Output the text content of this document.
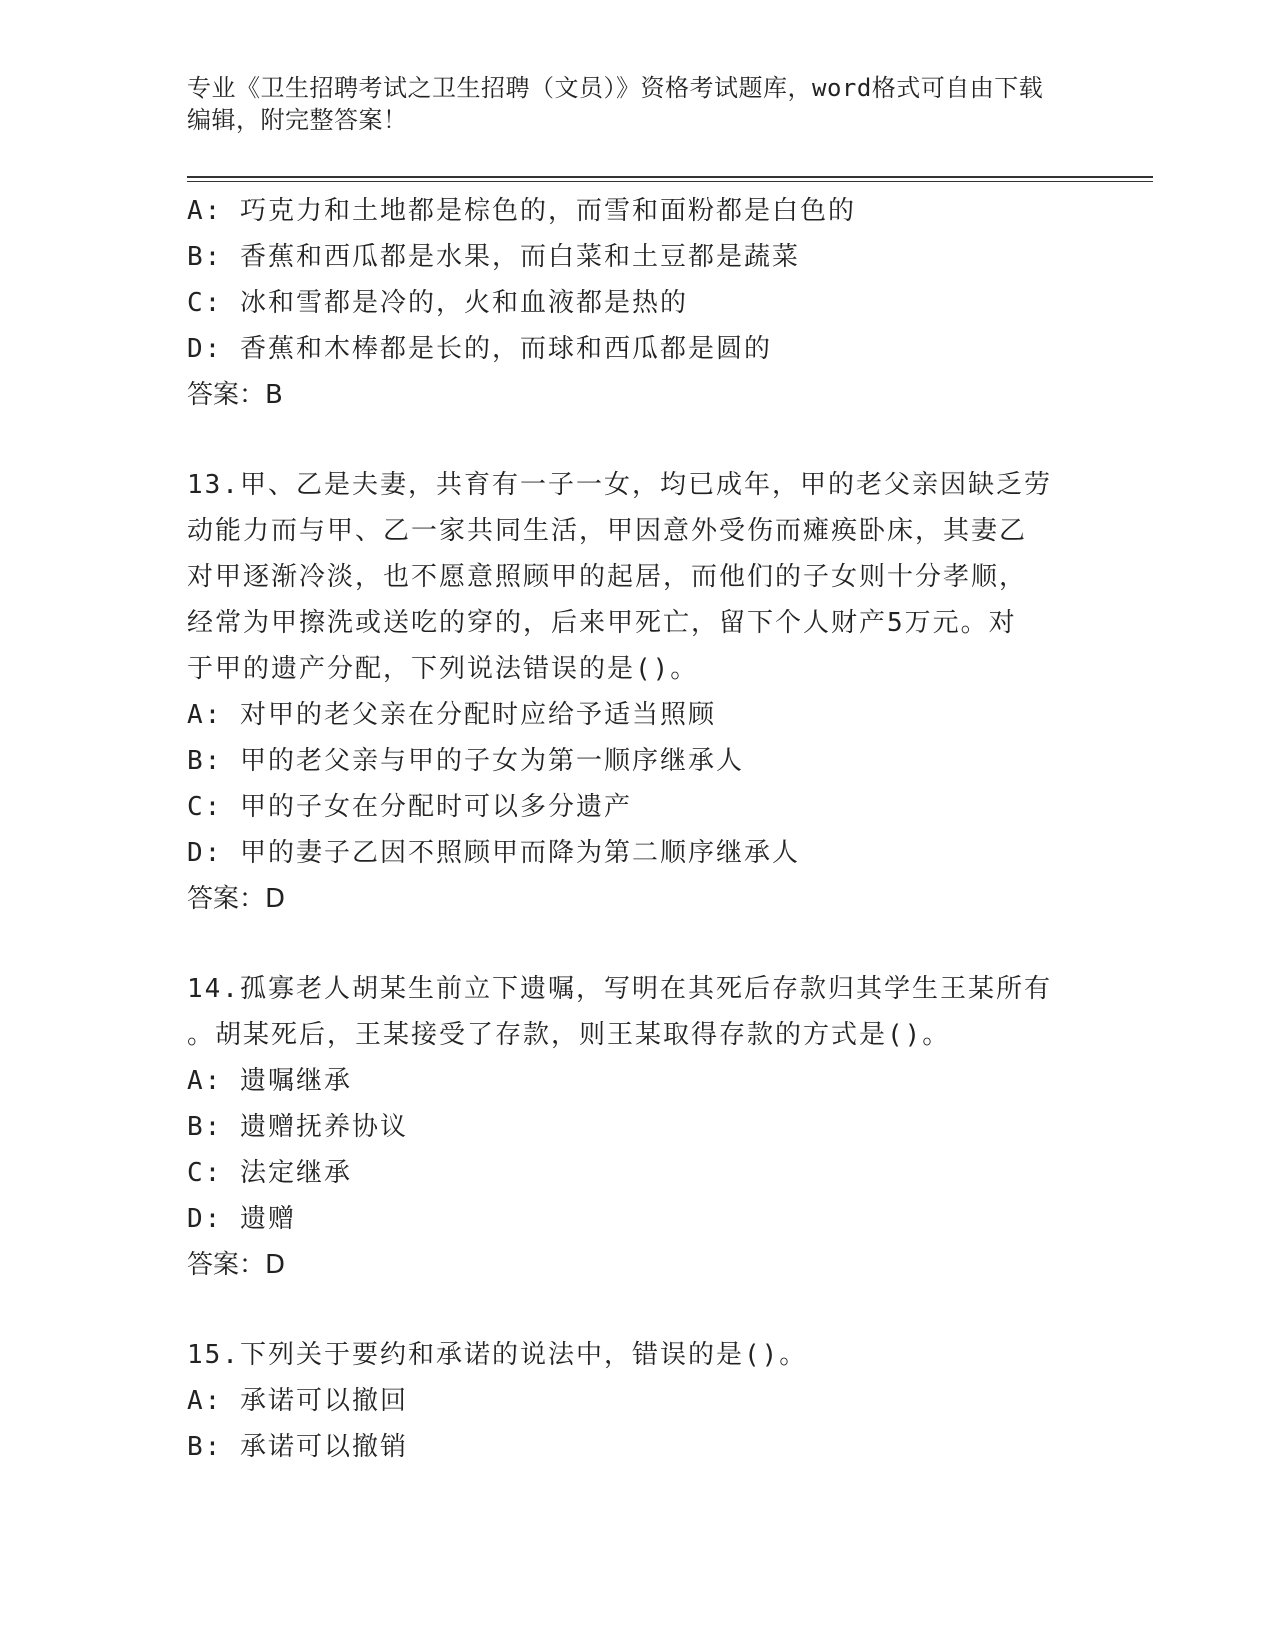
专业《卫生招聘考试之卫生招聘（文员）》资格考试题库，word格式可自由下载
编辑，附完整答案！
A: 巧克力和土地都是棕色的，而雪和面粉都是白色的
B: 香蕉和西瓜都是水果，而白菜和土豆都是蔬菜
C: 冰和雪都是冷的，火和血液都是热的
D: 香蕉和木棒都是长的，而球和西瓜都是圆的
答案：B
13.甲、乙是夫妻，共育有一子一女，均已成年，甲的老父亲因缺乏劳
动能力而与甲、乙一家共同生活，甲因意外受伤而瘫痪卧床，其妻乙
对甲逐渐冷淡，也不愿意照顾甲的起居，而他们的子女则十分孝顺，
经常为甲擦洗或送吃的穿的，后来甲死亡，留下个人财产5万元。对
于甲的遗产分配，下列说法错误的是()。
A: 对甲的老父亲在分配时应给予适当照顾
B: 甲的老父亲与甲的子女为第一顺序继承人
C: 甲的子女在分配时可以多分遗产
D: 甲的妻子乙因不照顾甲而降为第二顺序继承人
答案：D
14.孤寡老人胡某生前立下遗嘱，写明在其死后存款归其学生王某所有
。胡某死后，王某接受了存款，则王某取得存款的方式是()。
A: 遗嘱继承
B: 遗赠抚养协议
C: 法定继承
D: 遗赠
答案：D
15.下列关于要约和承诺的说法中，错误的是()。
A: 承诺可以撤回
B: 承诺可以撤销
